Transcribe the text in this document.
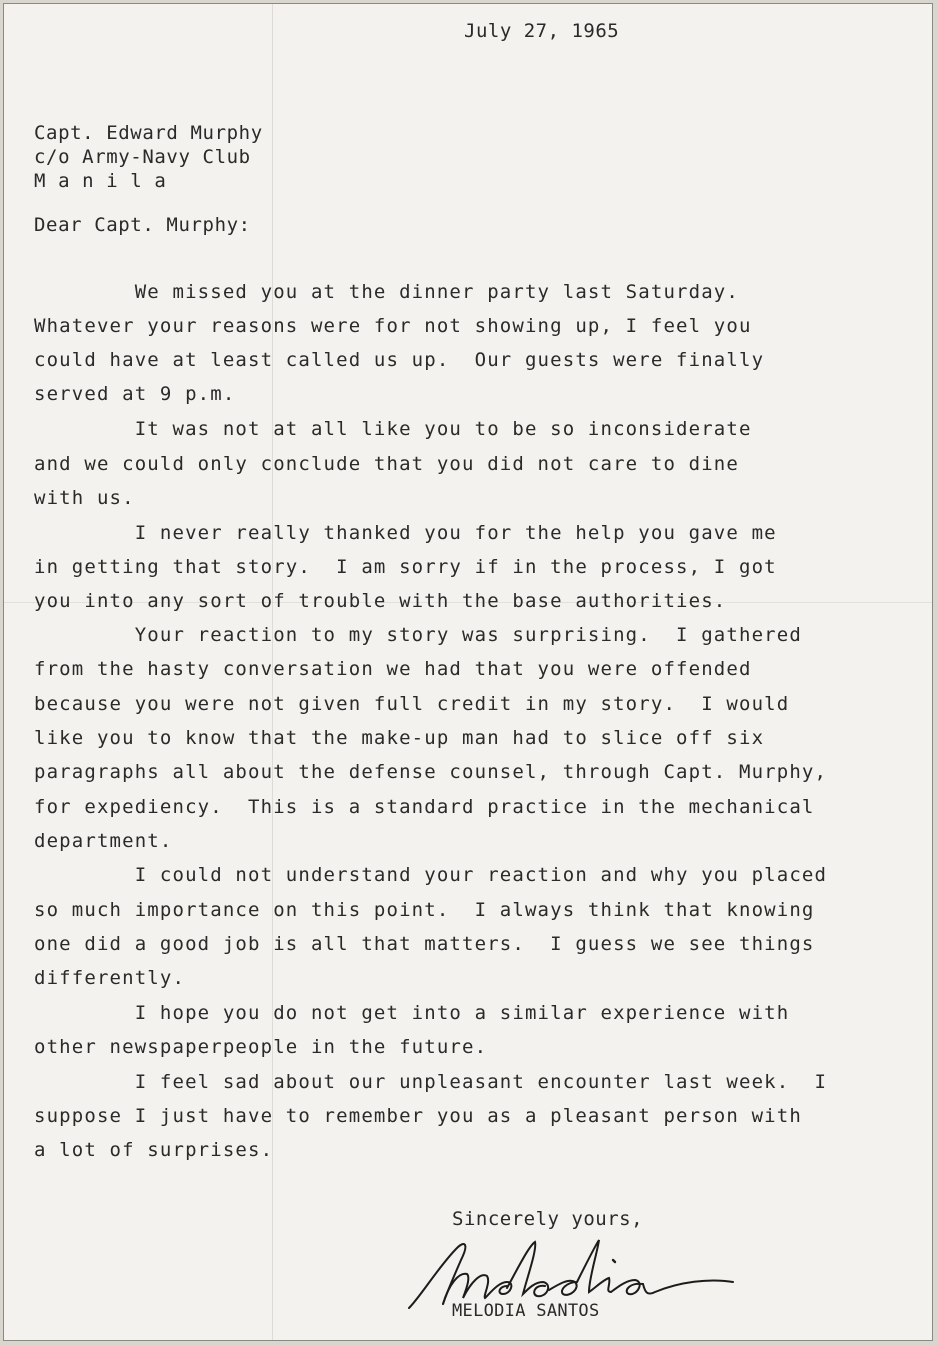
July 27, 1965
Capt. Edward Murphy
c/o Army-Navy Club
M a n i l a
Dear Capt. Murphy:
We missed you at the dinner party last Saturday.
Whatever your reasons were for not showing up, I feel you
could have at least called us up.  Our guests were finally
served at 9 p.m.
It was not at all like you to be so inconsiderate
and we could only conclude that you did not care to dine
with us.
I never really thanked you for the help you gave me
in getting that story.  I am sorry if in the process, I got
you into any sort of trouble with the base authorities.
Your reaction to my story was surprising.  I gathered
from the hasty conversation we had that you were offended
because you were not given full credit in my story.  I would
like you to know that the make-up man had to slice off six
paragraphs all about the defense counsel, through Capt. Murphy,
for expediency.  This is a standard practice in the mechanical
department.
I could not understand your reaction and why you placed
so much importance on this point.  I always think that knowing
one did a good job is all that matters.  I guess we see things
differently.
I hope you do not get into a similar experience with
other newspaperpeople in the future.
I feel sad about our unpleasant encounter last week.  I
suppose I just have to remember you as a pleasant person with
a lot of surprises.
Sincerely yours,
MELODIA SANTOS
